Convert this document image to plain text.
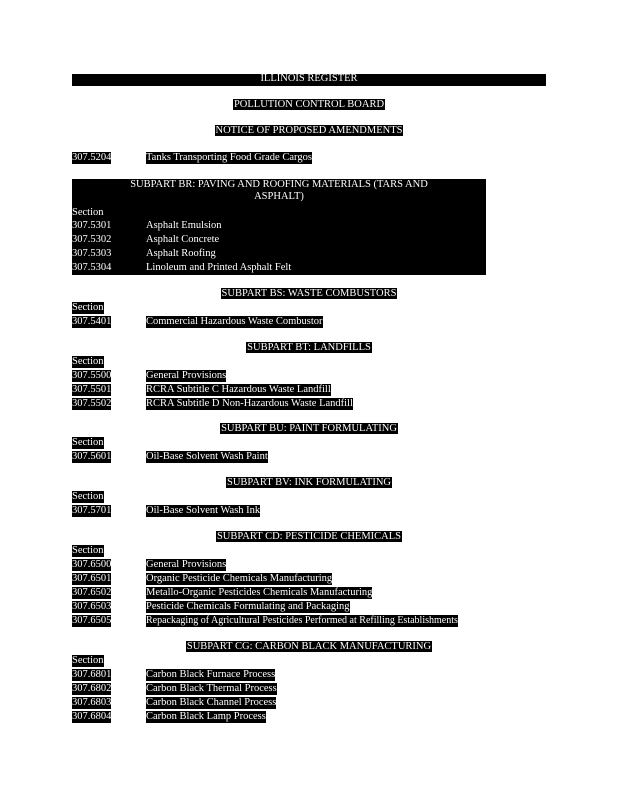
ILLINOIS REGISTER
POLLUTION CONTROL BOARD
NOTICE OF PROPOSED AMENDMENTS
307.5204	Tanks Transporting Food Grade Cargos
SUBPART BR: PAVING AND ROOFING MATERIALS (TARS AND
ASPHALT)
Section
307.5301	Asphalt Emulsion
307.5302	Asphalt Concrete
307.5303	Asphalt Roofing
307.5304	Linoleum and Printed Asphalt Felt
SUBPART BS: WASTE COMBUSTORS
Section
307.5401	Commercial Hazardous Waste Combustor
SUBPART BT: LANDFILLS
Section
307.5500	General Provisions
307.5501	RCRA Subtitle C Hazardous Waste Landfill
307.5502	RCRA Subtitle D Non-Hazardous Waste Landfill
SUBPART BU: PAINT FORMULATING
Section
307.5601	Oil-Base Solvent Wash Paint
SUBPART BV: INK FORMULATING
Section
307.5701	Oil-Base Solvent Wash Ink
SUBPART CD: PESTICIDE CHEMICALS
Section
307.6500	General Provisions
307.6501	Organic Pesticide Chemicals Manufacturing
307.6502	Metallo-Organic Pesticides Chemicals Manufacturing
307.6503	Pesticide Chemicals Formulating and Packaging
307.6505	Repackaging of Agricultural Pesticides Performed at Refilling Establishments
SUBPART CG: CARBON BLACK MANUFACTURING
Section
307.6801	Carbon Black Furnace Process
307.6802	Carbon Black Thermal Process
307.6803	Carbon Black Channel Process
307.6804	Carbon Black Lamp Process
